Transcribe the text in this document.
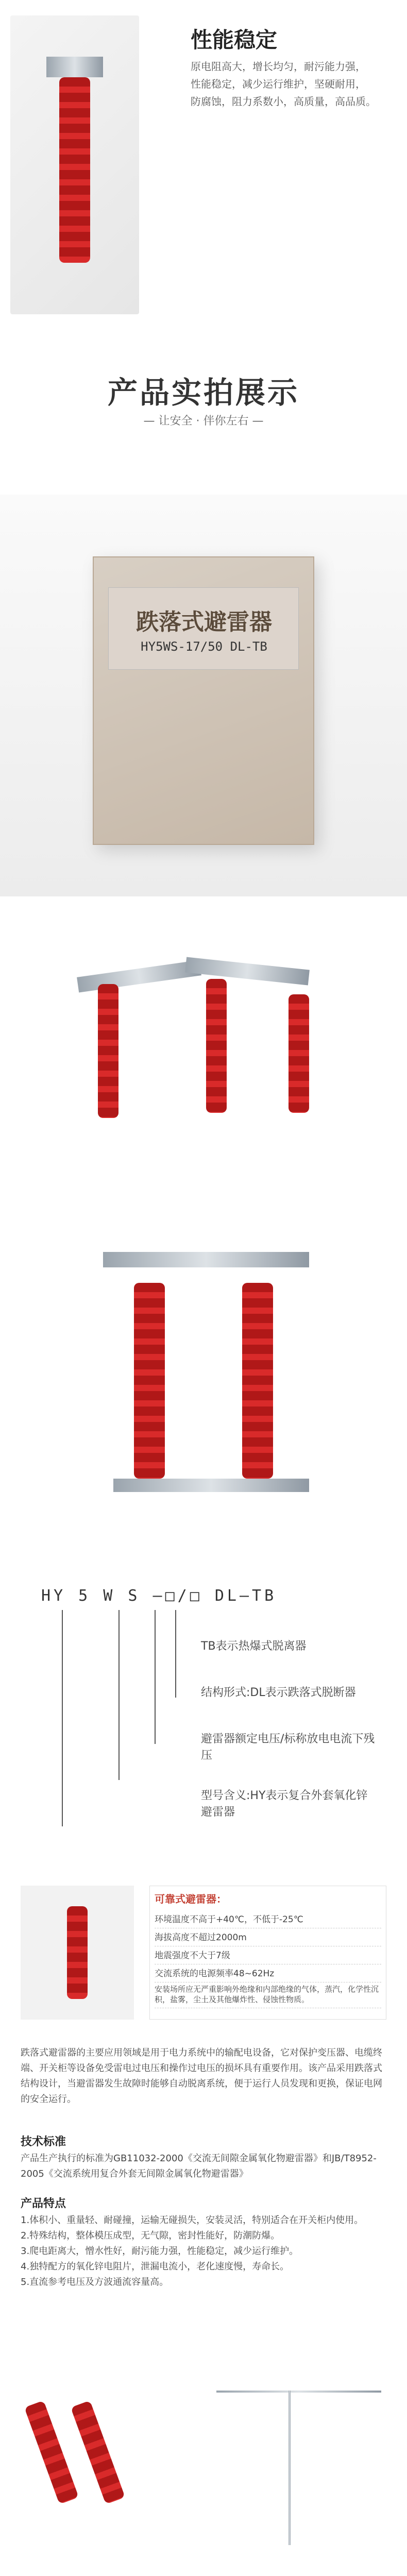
性能稳定
原电阻高大，增长均匀，耐污能力强，
性能稳定，减少运行维护，坚硬耐用，
防腐蚀，阻力系数小，高质量，高品质。
产品实拍展示
— 让安全 · 伴你左右 —
跌落式避雷器
HY5WS-17/50 DL-TB
HY 5 W S —□/□ DL—TB
TB表示热爆式脱离器
结构形式:DL表示跌落式脱断器
避雷器额定电压/标称放电电流下残压
型号含义:HY表示复合外套氧化锌避雷器
可靠式避雷器：
环境温度不高于+40℃，不低于-25℃
海拔高度不超过2000m
地震强度不大于7级
交流系统的电源频率48~62Hz
安装场所应无严重影响外绝缘和内部绝缘的气体，蒸汽，化学性沉积，盐雾，尘土及其他爆炸性、侵蚀性物质。
跌落式避雷器的主要应用领域是用于电力系统中的输配电设备，它对保护变压器、电缆终端、开关柜等设备免受雷电过电压和操作过电压的损坏具有重要作用。该产品采用跌落式结构设计，当避雷器发生故障时能够自动脱离系统，便于运行人员发现和更换，保证电网的安全运行。
技术标准
产品生产执行的标准为GB11032-2000《交流无间隙金属氧化物避雷器》和JB/T8952-2005《交流系统用复合外套无间隙金属氧化物避雷器》
产品特点
1.体积小、重量轻、耐碰撞，运输无碰损失，安装灵活，特别适合在开关柜内使用。
2.特殊结构，整体模压成型，无气隙，密封性能好，防潮防爆。
3.爬电距离大，憎水性好，耐污能力强，性能稳定，减少运行维护。
4.独特配方的氧化锌电阻片，泄漏电流小，老化速度慢，寿命长。
5.直流参考电压及方波通流容量高。
